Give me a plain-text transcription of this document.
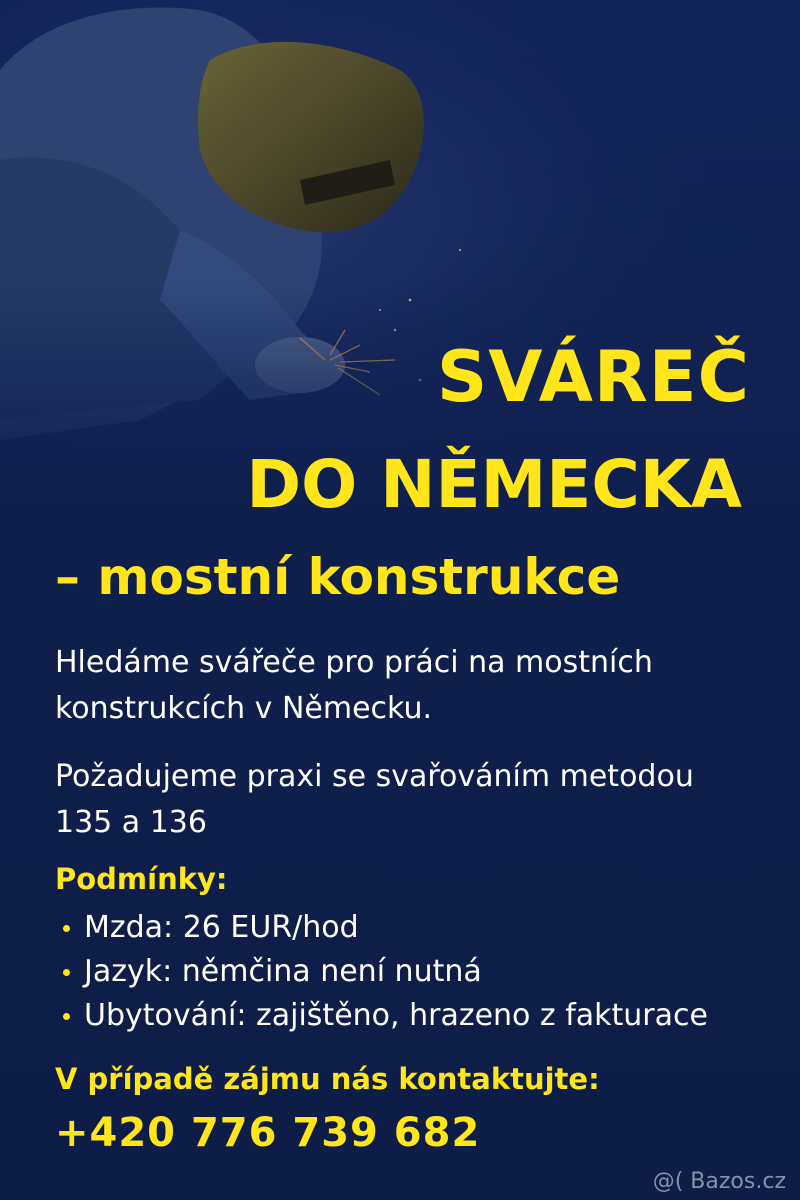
SVÁREČ
DO NĚMECKA
– mostní konstrukce

Hledáme svářeče pro práci na mostních konstrukcích v Německu.

Požadujeme praxi se svařováním metodou 135 a 136

Podmínky:

Mzda: 26 EUR/hod
Jazyk: němčina není nutná
Ubytování: zajištěno, hrazeno z fakturace

V případě zájmu nás kontaktujte:

+420 776 739 682

@( Bazos.cz
